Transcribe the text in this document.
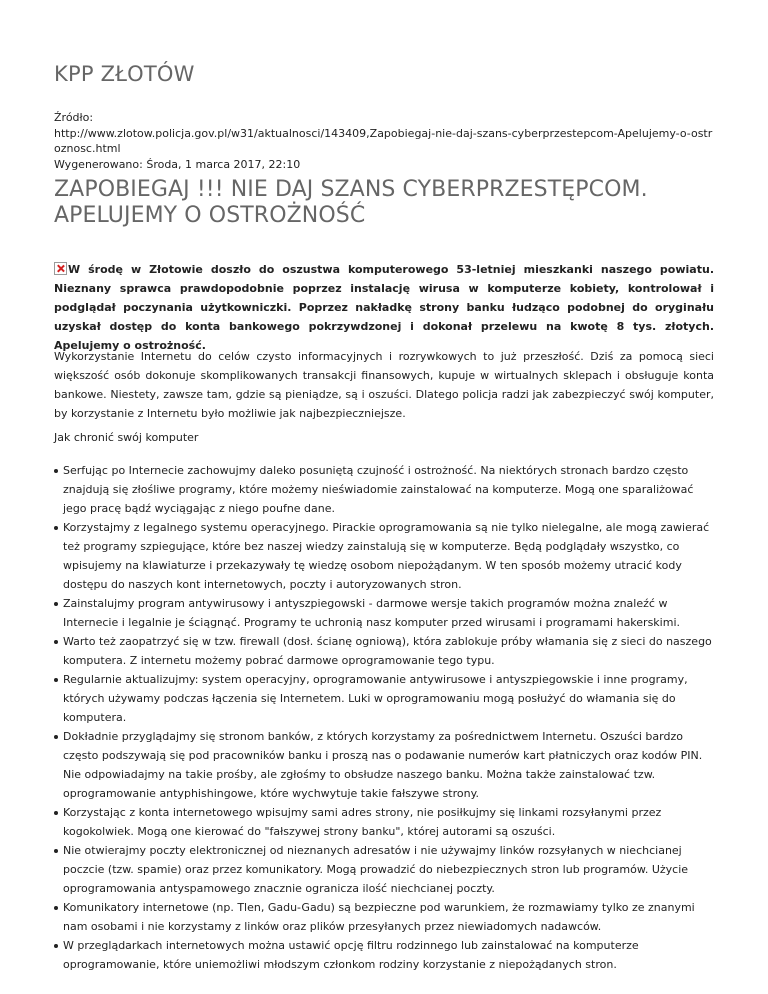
KPP ZŁOTÓW
Źródło:
http://www.zlotow.policja.gov.pl/w31/aktualnosci/143409,Zapobiegaj-nie-daj-szans-cyberprzestepcom-Apelujemy-o-ostroznosc.html
Wygenerowano: Środa, 1 marca 2017, 22:10
ZAPOBIEGAJ !!! NIE DAJ SZANS CYBERPRZESTĘPCOM. APELUJEMY O OSTROŻNOŚĆ

W środę w Złotowie doszło do oszustwa komputerowego 53-letniej mieszkanki naszego powiatu. Nieznany sprawca prawdopodobnie poprzez instalację wirusa w komputerze kobiety, kontrolował i podglądał poczynania użytkowniczki. Poprzez nakładkę strony banku łudząco podobnej do oryginału uzyskał dostęp do konta bankowego pokrzywdzonej i dokonał przelewu na kwotę 8 tys. złotych. Apelujemy o ostrożność.

Wykorzystanie Internetu do celów czysto informacyjnych i rozrywkowych to już przeszłość. Dziś za pomocą sieci większość osób dokonuje skomplikowanych transakcji finansowych, kupuje w wirtualnych sklepach i obsługuje konta bankowe. Niestety, zawsze tam, gdzie są pieniądze, są i oszuści. Dlatego policja radzi jak zabezpieczyć swój komputer, by korzystanie z Internetu było możliwie jak najbezpieczniejsze.

Jak chronić swój komputer

Serfując po Internecie zachowujmy daleko posuniętą czujność i ostrożność. Na niektórych stronach bardzo często znajdują się złośliwe programy, które możemy nieświadomie zainstalować na komputerze. Mogą one sparaliżować jego pracę bądź wyciągając z niego poufne dane.
Korzystajmy z legalnego systemu operacyjnego. Pirackie oprogramowania są nie tylko nielegalne, ale mogą zawierać też programy szpiegujące, które bez naszej wiedzy zainstalują się w komputerze. Będą podglądały wszystko, co wpisujemy na klawiaturze i przekazywały tę wiedzę osobom niepożądanym. W ten sposób możemy utracić kody dostępu do naszych kont internetowych, poczty i autoryzowanych stron.
Zainstalujmy program antywirusowy i antyszpiegowski - darmowe wersje takich programów można znaleźć w Internecie i legalnie je ściągnąć. Programy te uchronią nasz komputer przed wirusami i programami hakerskimi.
Warto też zaopatrzyć się w tzw. firewall (dosł. ścianę ogniową), która zablokuje próby włamania się z sieci do naszego komputera. Z internetu możemy pobrać darmowe oprogramowanie tego typu.
Regularnie aktualizujmy: system operacyjny, oprogramowanie antywirusowe i antyszpiegowskie i inne programy, których używamy podczas łączenia się Internetem. Luki w oprogramowaniu mogą posłużyć do włamania się do komputera.
Dokładnie przyglądajmy się stronom banków, z których korzystamy za pośrednictwem Internetu. Oszuści bardzo często podszywają się pod pracowników banku i proszą nas o podawanie numerów kart płatniczych oraz kodów PIN. Nie odpowiadajmy na takie prośby, ale zgłośmy to obsłudze naszego banku. Można także zainstalować tzw. oprogramowanie antyphishingowe, które wychwytuje takie fałszywe strony.
Korzystając z konta internetowego wpisujmy sami adres strony, nie posiłkujmy się linkami rozsyłanymi przez kogokolwiek. Mogą one kierować do "fałszywej strony banku", której autorami są oszuści.
Nie otwierajmy poczty elektronicznej od nieznanych adresatów i nie używajmy linków rozsyłanych w niechcianej poczcie (tzw. spamie) oraz przez komunikatory. Mogą prowadzić do niebezpiecznych stron lub programów. Użycie oprogramowania antyspamowego znacznie ogranicza ilość niechcianej poczty.
Komunikatory internetowe (np. Tlen, Gadu-Gadu) są bezpieczne pod warunkiem, że rozmawiamy tylko ze znanymi nam osobami i nie korzystamy z linków oraz plików przesyłanych przez niewiadomych nadawców.
W przeglądarkach internetowych można ustawić opcję filtru rodzinnego lub zainstalować na komputerze oprogramowanie, które uniemożliwi młodszym członkom rodziny korzystanie z niepożądanych stron.
